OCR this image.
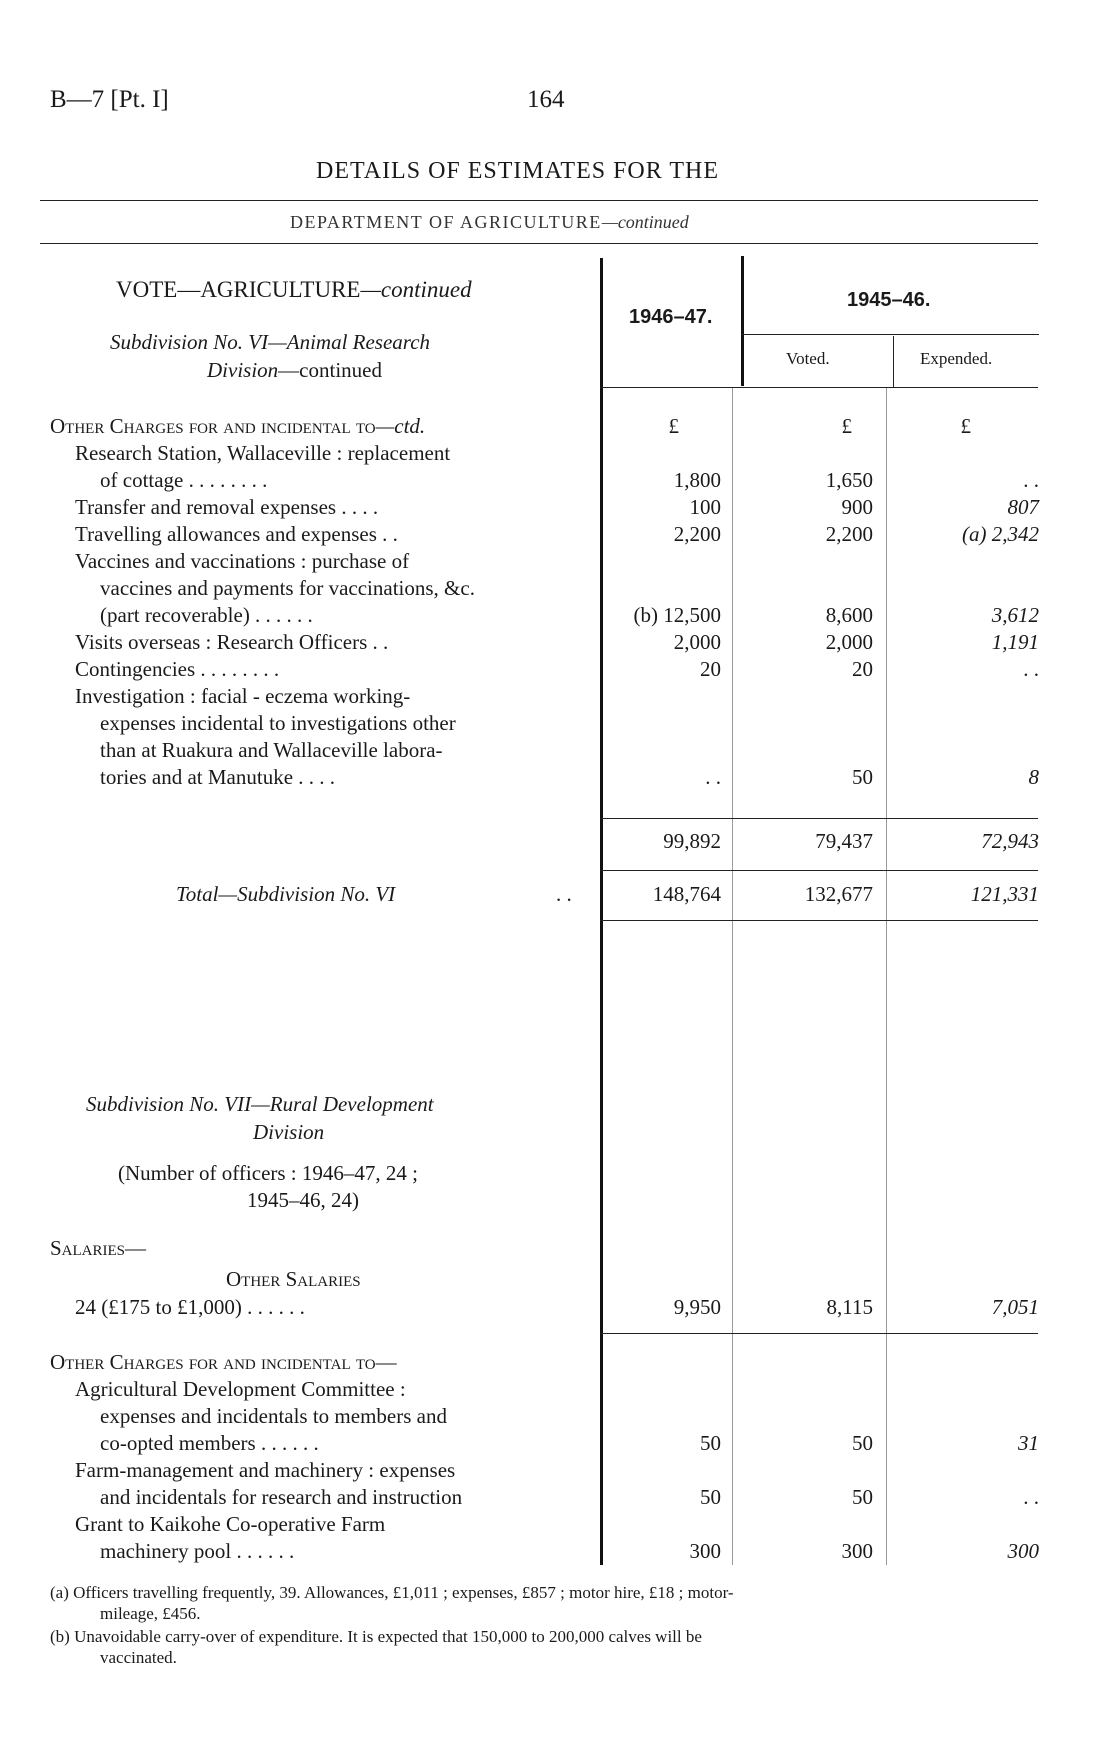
B—7 [Pt. I]	164
DETAILS OF ESTIMATES FOR THE
DEPARTMENT OF AGRICULTURE—continued
1946–47.
1945–46.
Voted.	Expended.
VOTE—AGRICULTURE—continued
Subdivision No. VI—Animal Research
Division—continued
Other Charges for and incidental to—ctd.	£	£	£
Research Station, Wallaceville : replacement
of cottage . . . . . . . .	1,800	1,650	. .
Transfer and removal expenses . . . .	100	900	807
Travelling allowances and expenses . .	2,200	2,200	(a) 2,342
Vaccines and vaccinations : purchase of
vaccines and payments for vaccinations, &c.
(part recoverable) . . . . . .	(b) 12,500	8,600	3,612
Visits overseas : Research Officers . .	2,000	2,000	1,191
Contingencies . . . . . . . .	20	20	. .
Investigation : facial - eczema working-
expenses incidental to investigations other
than at Ruakura and Wallaceville labora-
tories and at Manutuke . . . .	. .	50	8
99,892	79,437	72,943
Total—Subdivision No. VI	. .	148,764	132,677	121,331
Subdivision No. VII—Rural Development
Division
(Number of officers : 1946–47, 24 ;
1945–46, 24)
Salaries—
Other Salaries
24 (£175 to £1,000) . . . . . .	9,950	8,115	7,051
Other Charges for and incidental to—
Agricultural Development Committee :
expenses and incidentals to members and
co-opted members . . . . . .	50	50	31
Farm-management and machinery : expenses
and incidentals for research and instruction	50	50	. .
Grant to Kaikohe Co-operative Farm
machinery pool . . . . . .	300	300	300
(a) Officers travelling frequently, 39. Allowances, £1,011 ; expenses, £857 ; motor hire, £18 ; motor-
mileage, £456.
(b) Unavoidable carry-over of expenditure. It is expected that 150,000 to 200,000 calves will be
vaccinated.
